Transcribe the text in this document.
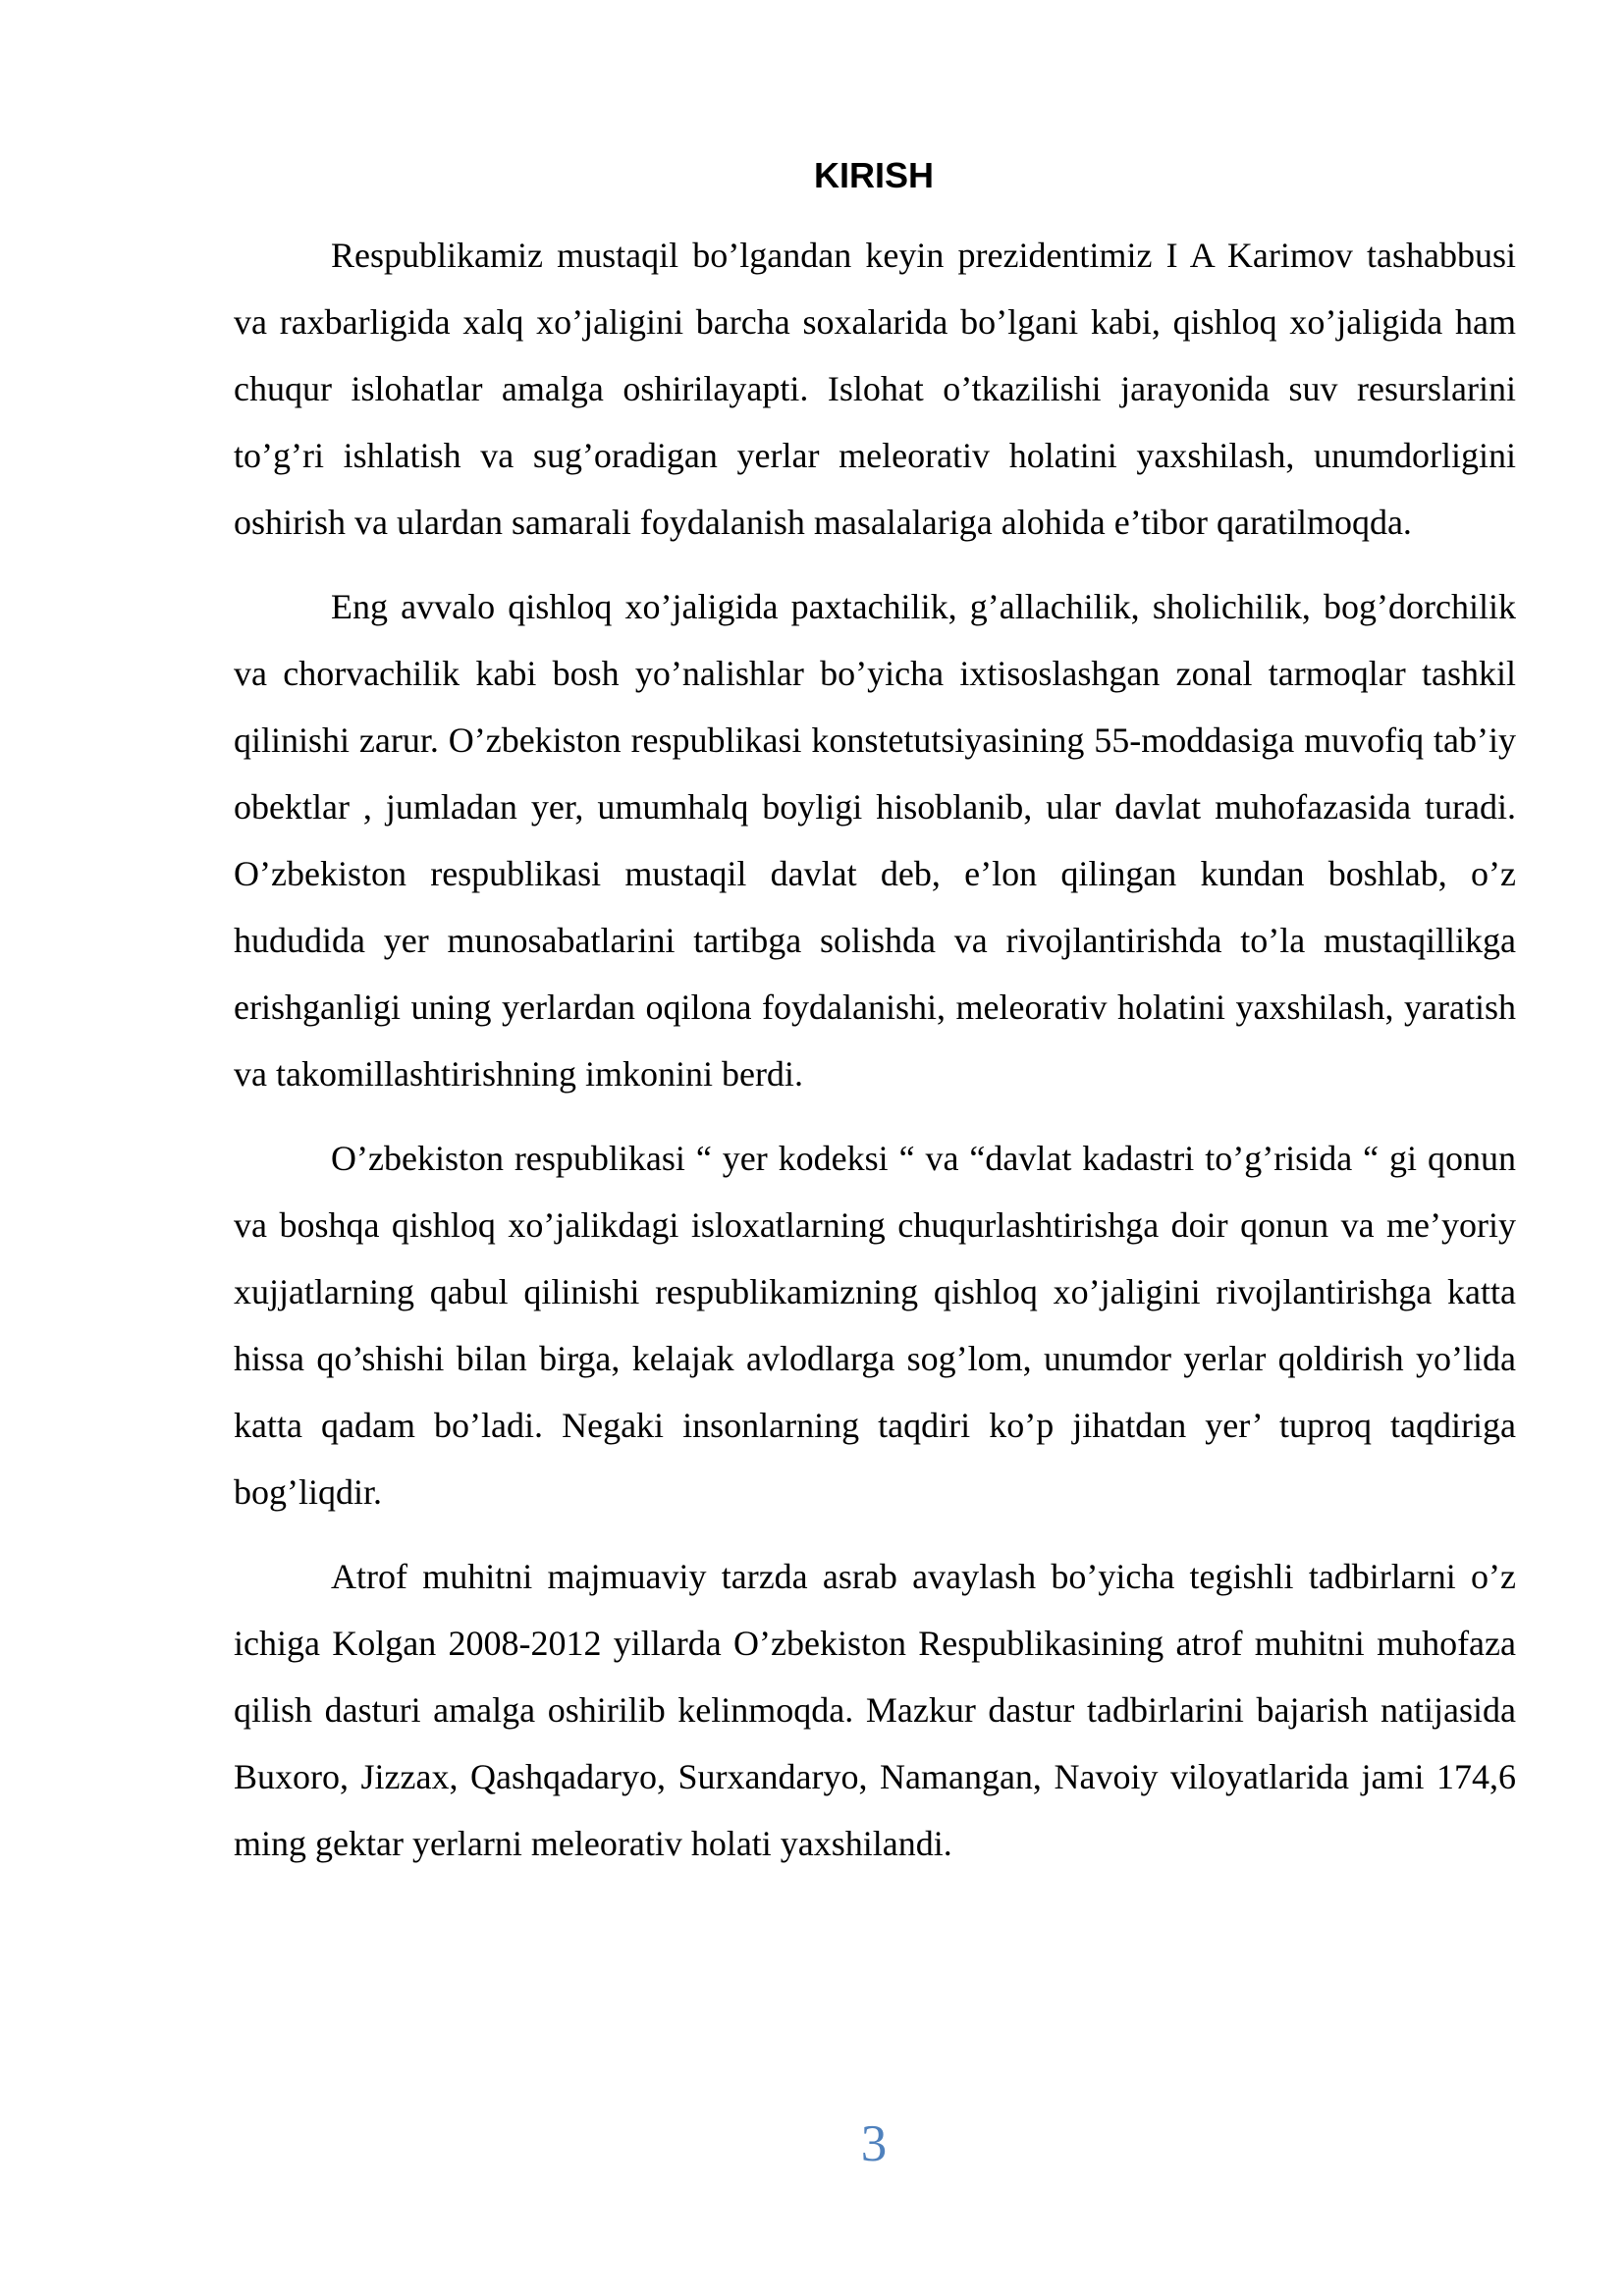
KIRISH

Respublikamiz mustaqil bo’lgandan keyin prezidentimiz I A Karimov tashabbusi va raxbarligida xalq xo’jaligini barcha soxalarida bo’lgani kabi, qishloq xo’jaligida ham chuqur islohatlar amalga oshirilayapti. Islohat o’tkazilishi jarayonida suv resurslarini to’g’ri ishlatish va sug’oradigan yerlar meleorativ holatini yaxshilash, unumdorligini oshirish va ulardan samarali foydalanish masalalariga alohida e’tibor qaratilmoqda.

Eng avvalo qishloq xo’jaligida paxtachilik, g’allachilik, sholichilik, bog’dorchilik va chorvachilik kabi bosh yo’nalishlar bo’yicha ixtisoslashgan zonal tarmoqlar tashkil qilinishi zarur. O’zbekiston respublikasi konstetutsiyasining 55-moddasiga muvofiq tab’iy obektlar , jumladan yer, umumhalq boyligi hisoblanib, ular davlat muhofazasida turadi. O’zbekiston respublikasi mustaqil davlat deb, e’lon qilingan kundan boshlab, o’z hududida yer munosabatlarini tartibga solishda va rivojlantirishda to’la mustaqillikga erishganligi uning yerlardan oqilona foydalanishi, meleorativ holatini yaxshilash, yaratish va takomillashtirishning imkonini berdi.

O’zbekiston respublikasi “ yer kodeksi “ va “davlat kadastri to’g’risida “ gi qonun va boshqa qishloq xo’jalikdagi isloxatlarning chuqurlashtirishga doir qonun va me’yoriy xujjatlarning qabul qilinishi respublikamizning qishloq xo’jaligini rivojlantirishga katta hissa qo’shishi bilan birga, kelajak avlodlarga sog’lom, unumdor yerlar qoldirish yo’lida katta qadam bo’ladi. Negaki insonlarning taqdiri ko’p jihatdan yer’ tuproq taqdiriga bog’liqdir.

Atrof muhitni majmuaviy tarzda asrab avaylash bo’yicha tegishli tadbirlarni o’z ichiga Kolgan 2008-2012 yillarda O’zbekiston Respublikasining atrof muhitni muhofaza qilish dasturi amalga oshirilib kelinmoqda. Mazkur dastur tadbirlarini bajarish natijasida Buxoro, Jizzax, Qashqadaryo, Surxandaryo, Namangan, Navoiy viloyatlarida jami 174,6 ming gektar yerlarni meleorativ holati yaxshilandi.

3
